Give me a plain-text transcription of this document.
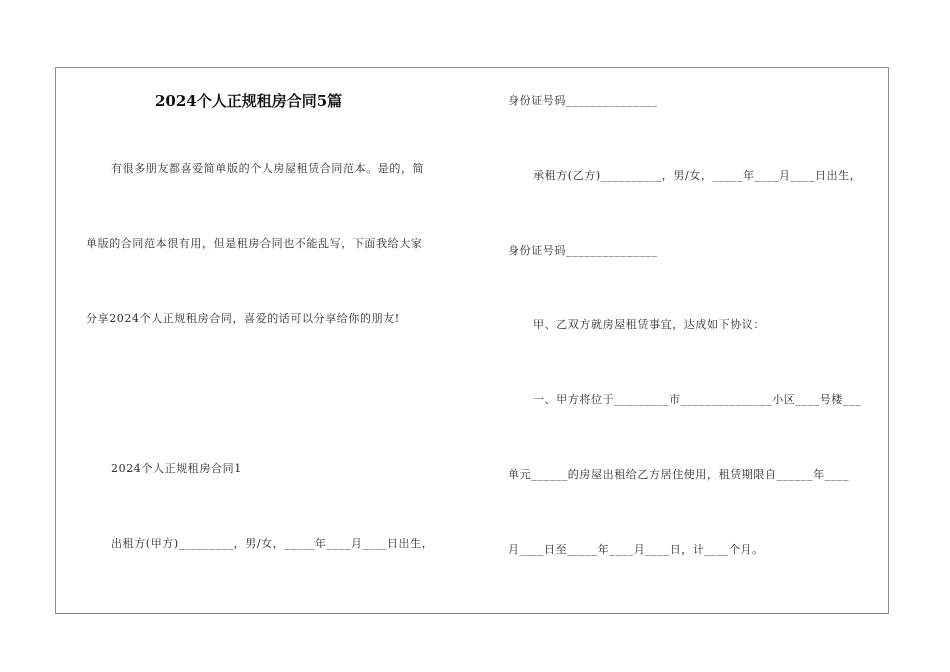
2024个人正规租房合同5篇
有很多朋友都喜爱简单版的个人房屋租赁合同范本。是的，简
单版的合同范本很有用，但是租房合同也不能乱写，下面我给大家
分享2024个人正规租房合同，喜爱的话可以分享给你的朋友!
2024个人正规租房合同1
出租方(甲方)_________，男/女，_____年____月____日出生，
身份证号码_______________
承租方(乙方)__________，男/女，_____年____月____日出生，
身份证号码_______________
甲、乙双方就房屋租赁事宜，达成如下协议：
一、甲方将位于_________市_______________小区____号楼___
单元______的房屋出租给乙方居住使用，租赁期限自______年____
月____日至_____年____月____日，计____个月。
